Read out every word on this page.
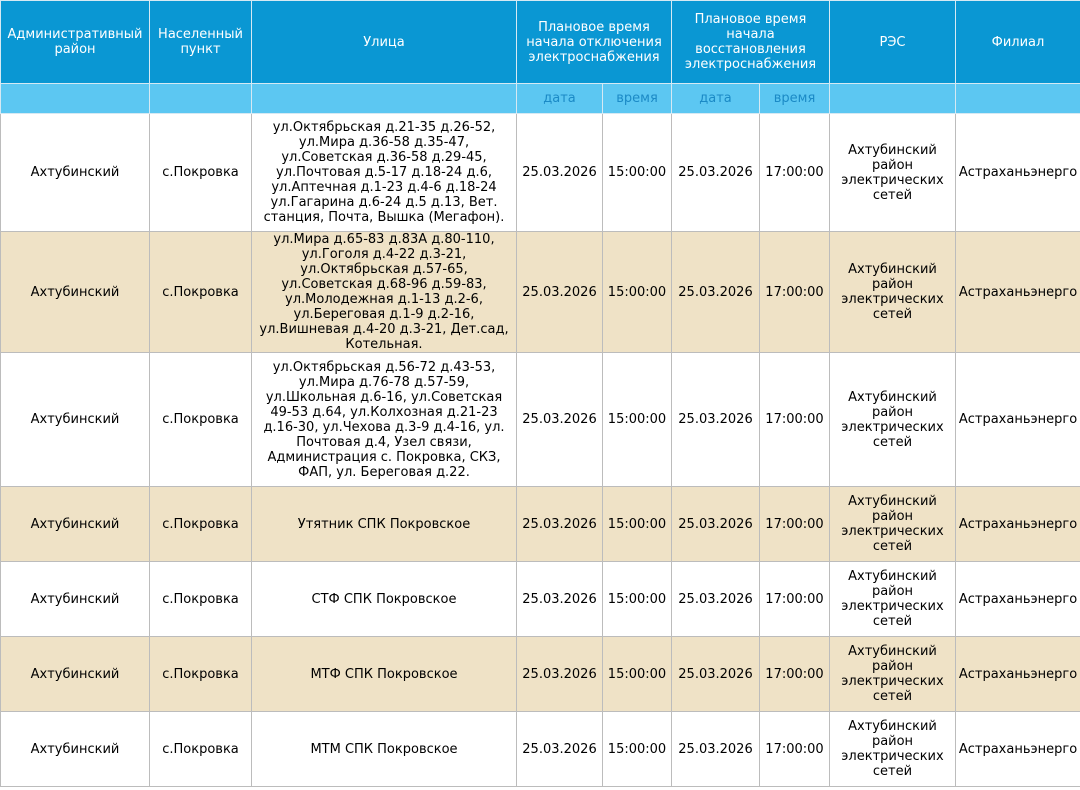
Административный район	Населенный пункт	Улица	Плановое время начала отключения электроснабжения		Плановое время начала восстановления электроснабжения		РЭС	Филиал
			дата	время	дата	время		
Ахтубинский	с.Покровка	ул.Октябрьская д.21-35 д.26-52, ул.Мира д.36-58 д.35-47, ул.Советская д.36-58 д.29-45, ул.Почтовая д.5-17 д.18-24 д.6, ул.Аптечная д.1-23 д.4-6 д.18-24 ул.Гагарина д.6-24 д.5 д.13, Вет. станция, Почта, Вышка (Мегафон).	25.03.2026	15:00:00	25.03.2026	17:00:00	Ахтубинский район электрических сетей	Астраханьэнерго
Ахтубинский	с.Покровка	ул.Мира д.65-83 д.83А д.80-110, ул.Гоголя д.4-22 д.3-21, ул.Октябрьская д.57-65, ул.Советская д.68-96 д.59-83, ул.Молодежная д.1-13 д.2-6, ул.Береговая д.1-9 д.2-16, ул.Вишневая д.4-20 д.3-21, Дет.сад, Котельная.	25.03.2026	15:00:00	25.03.2026	17:00:00	Ахтубинский район электрических сетей	Астраханьэнерго
Ахтубинский	с.Покровка	ул.Октябрьская д.56-72 д.43-53, ул.Мира д.76-78 д.57-59, ул.Школьная д.6-16, ул.Советская 49-53 д.64, ул.Колхозная д.21-23 д.16-30, ул.Чехова д.3-9 д.4-16, ул. Почтовая д.4, Узел связи, Администрация с. Покровка, СКЗ, ФАП, ул. Береговая д.22.	25.03.2026	15:00:00	25.03.2026	17:00:00	Ахтубинский район электрических сетей	Астраханьэнерго
Ахтубинский	с.Покровка	Утятник СПК Покровское	25.03.2026	15:00:00	25.03.2026	17:00:00	Ахтубинский район электрических сетей	Астраханьэнерго
Ахтубинский	с.Покровка	СТФ СПК Покровское	25.03.2026	15:00:00	25.03.2026	17:00:00	Ахтубинский район электрических сетей	Астраханьэнерго
Ахтубинский	с.Покровка	МТФ СПК Покровское	25.03.2026	15:00:00	25.03.2026	17:00:00	Ахтубинский район электрических сетей	Астраханьэнерго
Ахтубинский	с.Покровка	МТМ СПК Покровское	25.03.2026	15:00:00	25.03.2026	17:00:00	Ахтубинский район электрических сетей	Астраханьэнерго
